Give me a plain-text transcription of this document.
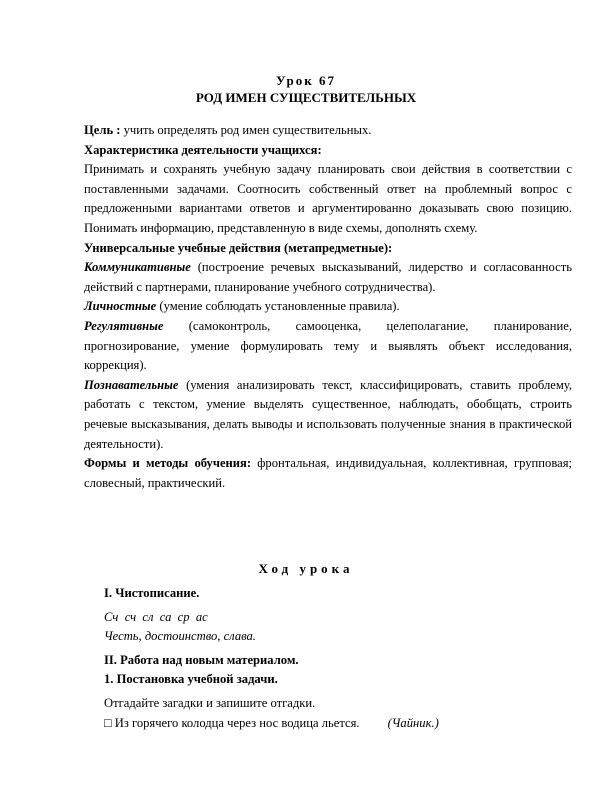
Урок 67
РОД ИМЕН СУЩЕСТВИТЕЛЬНЫХ

Цель : учить определять род имен существительных.

Характеристика деятельности учащихся:

Принимать и сохранять учебную задачу планировать свои действия в соответствии с поставленными задачами. Соотносить собственный ответ на проблемный вопрос с предложенными вариантами ответов и аргументированно доказывать свою позицию. Понимать информацию, представленную в виде схемы, дополнять схему.

Универсальные учебные действия (метапредметные):

Коммуникативные (построение речевых высказываний, лидерство и согласованность действий с партнерами, планирование учебного сотрудничества).

Личностные (умение соблюдать установленные правила).

Регулятивные (самоконтроль, самооценка, целеполагание, планирование, прогнозирование, умение формулировать тему и выявлять объект исследования, коррекция).

Познавательные (умения анализировать текст, классифицировать, ставить проблему, работать с текстом, умение выделять существенное, наблюдать, обобщать, строить речевые высказывания, делать выводы и использовать полученные знания в практической деятельности).

Формы и методы обучения: фронтальная, индивидуальная, коллективная, групповая; словесный, практический.

Ход урока

I. Чистописание.

Сч  сч  сл  са  ср  ас

Честь, достоинство, слава.

II. Работа над новым материалом.

1. Постановка учебной задачи.

Отгадайте загадки и запишите отгадки.

□ Из горячего колодца через нос водица льется. (Чайник.)
